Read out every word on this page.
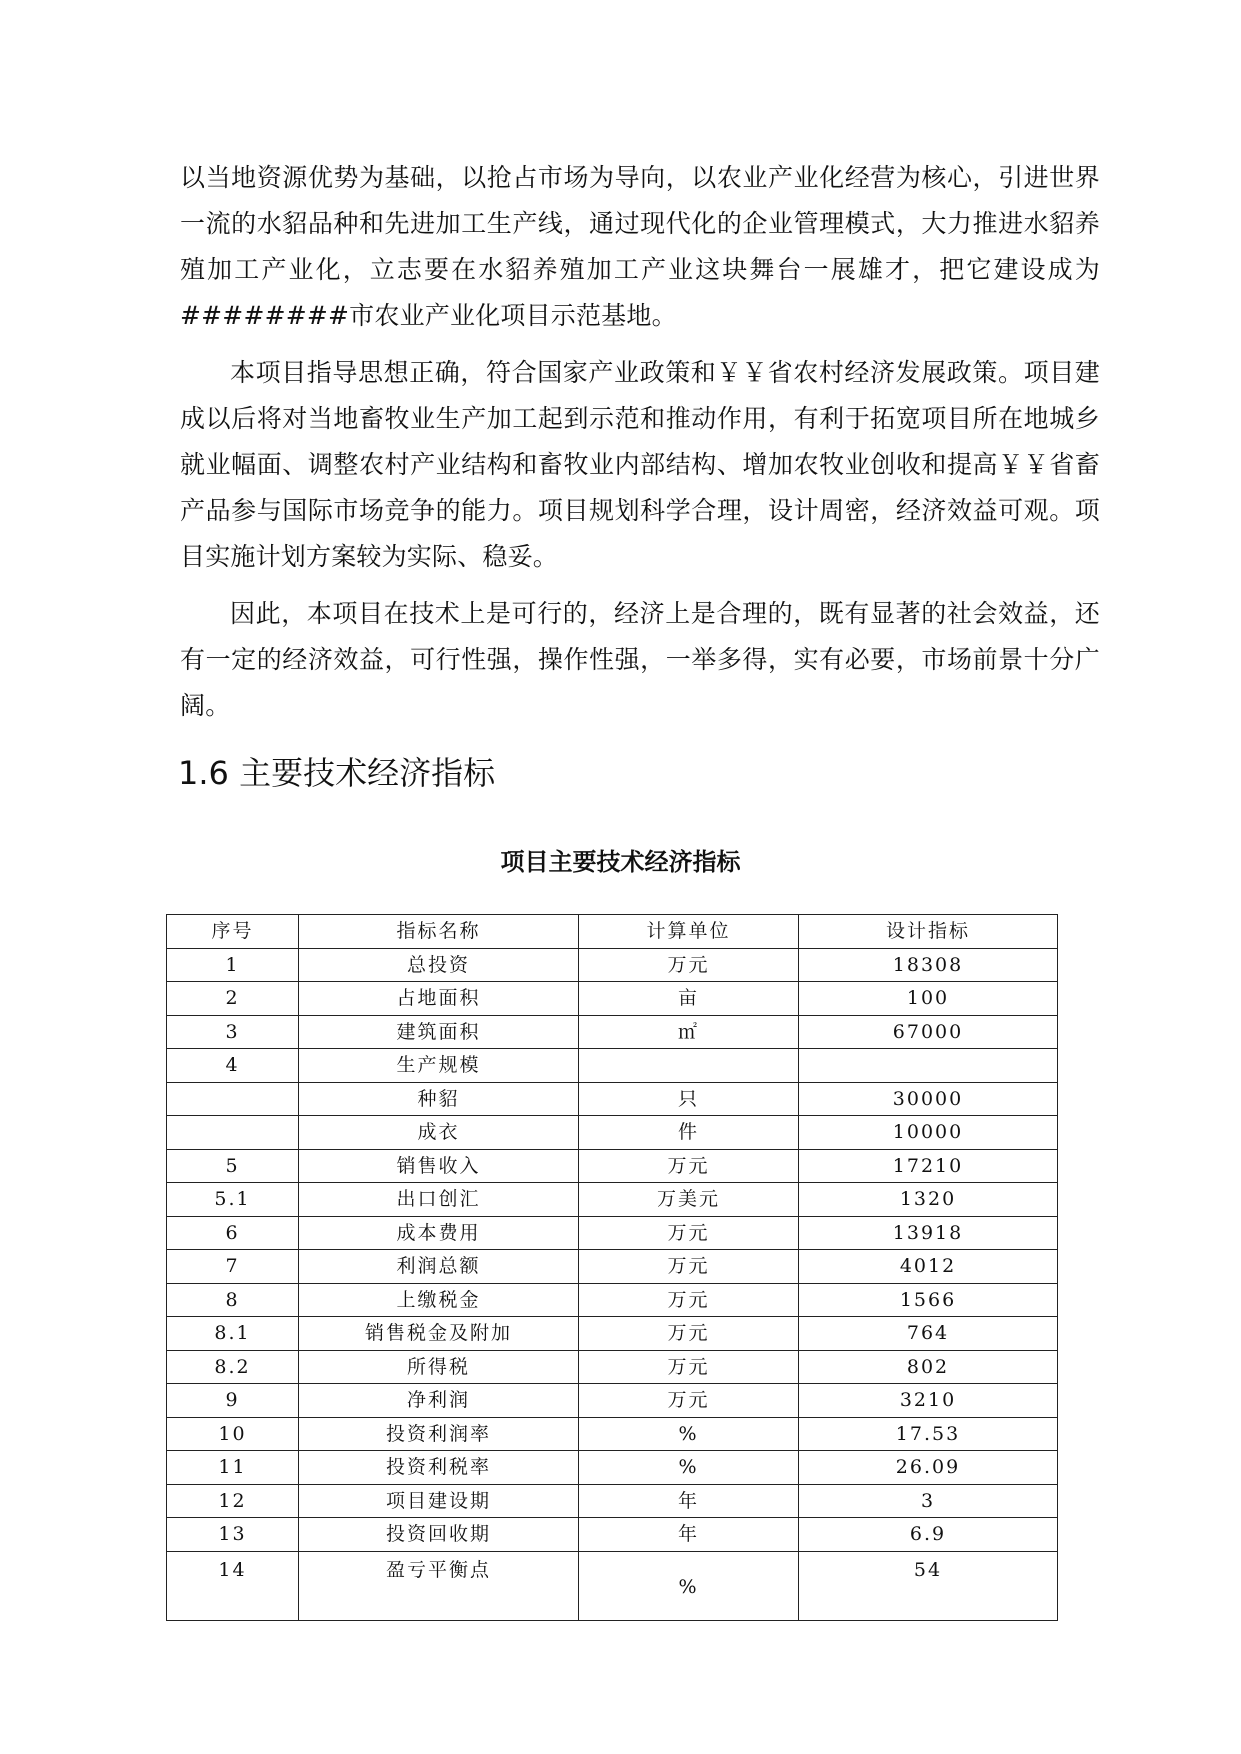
以当地资源优势为基础，以抢占市场为导向，以农业产业化经营为核心，引进世界一流的水貂品种和先进加工生产线，通过现代化的企业管理模式，大力推进水貂养殖加工产业化，立志要在水貂养殖加工产业这块舞台一展雄才，把它建设成为########市农业产业化项目示范基地。

本项目指导思想正确，符合国家产业政策和￥￥省农村经济发展政策。项目建成以后将对当地畜牧业生产加工起到示范和推动作用，有利于拓宽项目所在地城乡就业幅面、调整农村产业结构和畜牧业内部结构、增加农牧业创收和提高￥￥省畜产品参与国际市场竞争的能力。项目规划科学合理，设计周密，经济效益可观。项目实施计划方案较为实际、稳妥。

因此，本项目在技术上是可行的，经济上是合理的，既有显著的社会效益，还有一定的经济效益，可行性强，操作性强，一举多得，实有必要，市场前景十分广阔。

1.6 主要技术经济指标
项目主要技术经济指标
序号	指标名称	计算单位	设计指标
1	总投资	万元	18308
2	占地面积	亩	100
3	建筑面积	㎡	67000
4	生产规模		
	种貂	只	30000
	成衣	件	10000
5	销售收入	万元	17210
5.1	出口创汇	万美元	1320
6	成本费用	万元	13918
7	利润总额	万元	4012
8	上缴税金	万元	1566
8.1	销售税金及附加	万元	764
8.2	所得税	万元	802
9	净利润	万元	3210
10	投资利润率	%	17.53
11	投资利税率	%	26.09
12	项目建设期	年	3
13	投资回收期	年	6.9
14	盈亏平衡点	%	54
